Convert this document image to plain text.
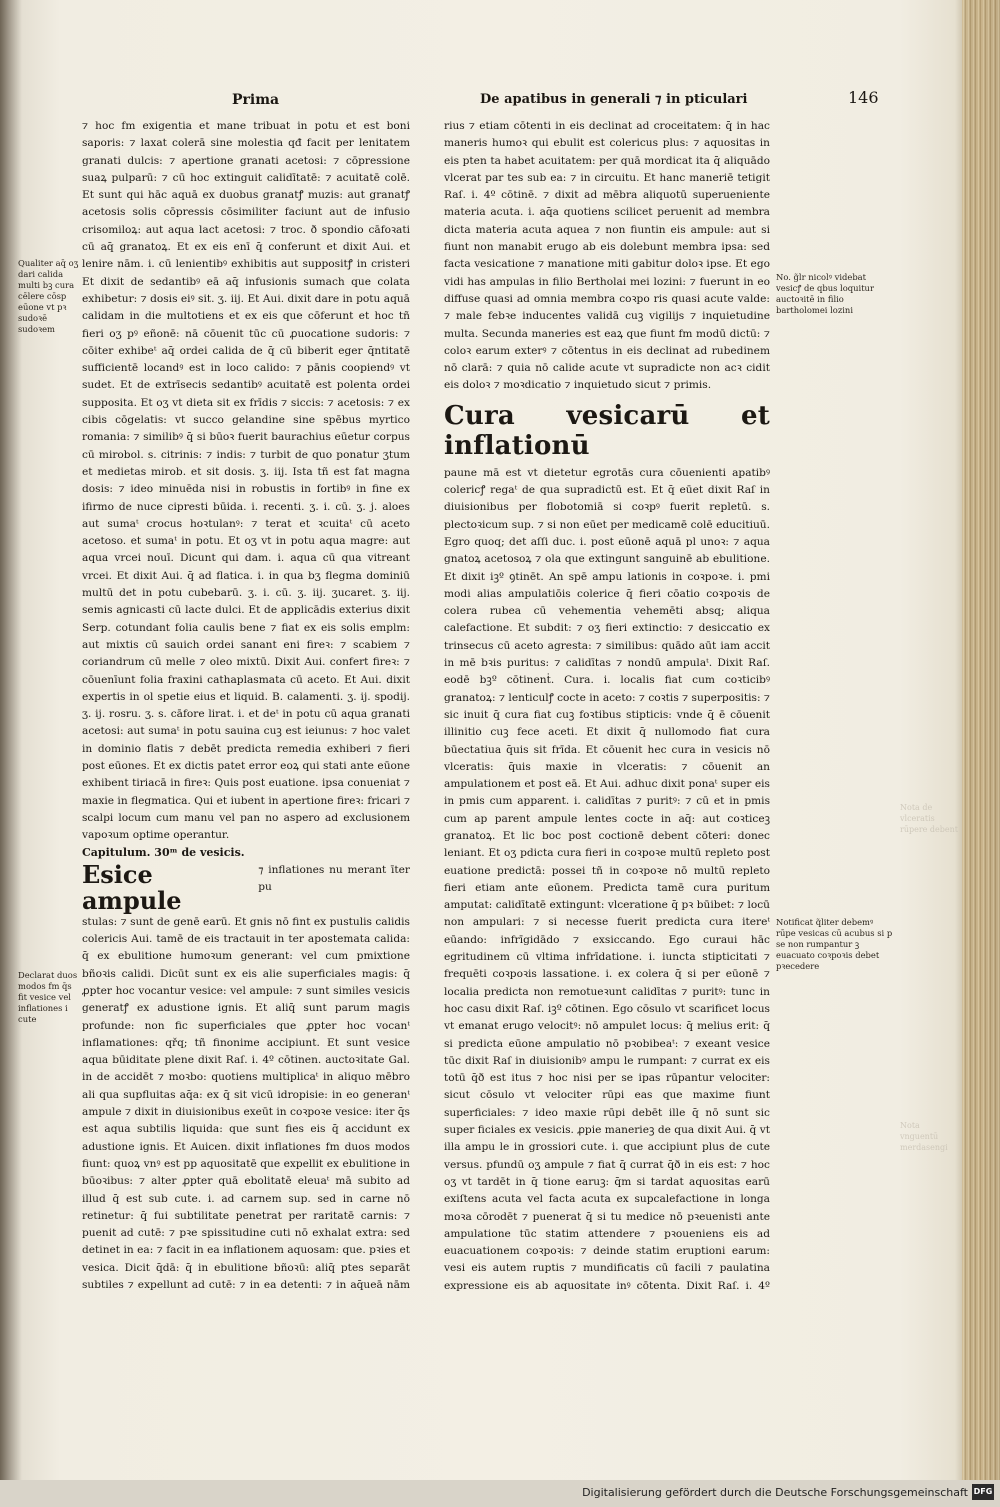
Prima	De apatibus in generali ⁊ in pticulari	146
Qualiter aq̄ oʒ dari calida multi bꝫ cura cēlere cōsp eūone vt pꝛ sudoꝛē sudoꝛem
Declarat duos modos fm q̄s fit vesice vel inflationes i cute
No. g̃lr nicolꝰ videbat vesicꝭ de qbus loquitur auctoꝛitē in filio bartholomei lozini
Notificat q̃liter debemꝰ rūpe vesicas cū acubus si p se non rumpantur ꝫ euacuato coꝛpoꝛis debet pꝛecedere
Nota de vlceratis rūpere debent
Nota vnguentū merdasengi

⁊ hoc fm exigentia et mane tribuat in potu et est boni saporis: ⁊ laxat colerā sine molestia qđ facit per lenitatem granati dulcis: ⁊ apertione granati acetosi: ⁊ cōpressione suaꝝ pulparū: ⁊ cū hoc extinguit calidītatē: ⁊ acuitatē colē. Et sunt qui hāc aquā ex duobus granatꝭ muzis: aut granatꝭ acetosis solis cōpressis cōsimiliter faciunt aut de infusio crisomiloꝝ: aut aqua lact acetosi: ⁊ troc. ð spondio cāfoꝛati cū aq̄ granatoꝝ. Et ex eis enī q̄ conferunt et dixit Aui. et lenire nām. i. cū lenientibꝰ exhibitis aut suppositꝭ in cristeri Et dixit de sedantibꝰ eā aq̄ infusionis sumach que colata exhibetur: ⁊ dosis eiꝰ sit. ʒ. iij. Et Aui. dixit dare in potu aquā calidam in die multotiens et ex eis que cōferunt et hoc tñ fieri oʒ pꝰ eñonē: nā cōuenit tūc cū ꝓuocatione sudoris: ⁊ cōiter exhibeᵗ aq̄ ordei calida de q̄ cū biberit eger q̄ntitatē sufficientē locandꝰ est in loco calido: ⁊ pānis coopiendꝰ vt sudet. Et de extrīsecis sedantibꝰ acuitatē est polenta ordei supposita. Et oʒ vt dieta sit ex frīdis ⁊ siccis: ⁊ acetosis: ⁊ ex cibis cōgelatis: vt succo gelandine sine spēbus myrtico romania: ⁊ similibꝰ q̄ si būoꝛ fuerit baurachius eūetur corpus cū mirobol. s. citrinis: ⁊ indis: ⁊ turbit de quo ponatur ʒtum et medietas mirob. et sit dosis. ʒ. iij. Ista tñ est fat magna dosis: ⁊ ideo minuēda nisi in robustis in fortibꝰ in fine ex ifirmo de nuce cipresti būida. i. recenti. ʒ. i. cū. ʒ. j. aloes aut sumaᵗ crocus hoꝛtulanꝰ: ⁊ terat et ꝛcuitaᵗ cū aceto acetoso. et sumaᵗ in potu. Et oʒ vt in potu aqua magre: aut aqua vrcei nouī. Dicunt qui dam. i. aqua cū qua vitreant vrcei. Et dixit Aui. q̄ ad flatica. i. in qua bʒ flegma dominiū multū det in potu cubebarū. ʒ. i. cū. ʒ. iij. ʒucaret. ʒ. iij. semis agnicasti cū lacte dulci. Et de applicādis exterius dixit Serp. cotundant folia caulis bene ⁊ fiat ex eis solis emplm: aut mixtis cū sauich ordei sanant eni fireꝛ: ⁊ scabiem ⁊ coriandrum cū melle ⁊ oleo mixtū. Dixit Aui. confert fireꝛ: ⁊ cōuenīunt folia fraxini cathaplasmata cū aceto. Et Aui. dixit expertis in ol spetie eius et liquid. B. calamenti. ʒ. ij. spodij. ʒ. ij. rosru. ʒ. s. cāfore lirat. i. et deᵗ in potu cū aqua granati acetosi: aut sumaᵗ in potu sauina cuꝫ est ieiunus: ⁊ hoc valet in dominio flatis ⁊ debēt predicta remedia exhiberi ⁊ fieri post eūones. Et ex dictis patet error eoꝝ qui stati ante eūone exhibent tiriacā in fireꝛ: Quis post euatione. ipsa conueniat ⁊ maxie in flegmatica. Qui et iubent in apertione fireꝛ: fricari ⁊ scalpi locum cum manu vel pan no aspero ad exclusionem vapoꝛum optime operantur.

Capitulum. 30ᵐ de vesicis.

Esice ampule
⁊ inflationes nu merant īter pu

stulas: ⁊ sunt de genē earū. Et gnis nō fint ex pustulis calidis colericis Aui. tamē de eis tractauit in ter apostemata calida: q̄ ex ebulitione humoꝛum generant: vel cum pmixtione bñoꝛis calidi. Dicūt sunt ex eis alie superficiales magis: q̄ ꝓpter hoc vocantur vesice: vel ampule: ⁊ sunt similes vesicis generatꝭ ex adustione ignis. Et aliq̄ sunt parum magis profunde: non fic superficiales que ꝓpter hoc vocanᵗ inflamationes: qřq; tñ finonime accipiunt. Et sunt vesice aqua būiditate plene dixit Raſ. i. 4º cōtinen. auctoꝛitate Gal. in de accidēt ⁊ moꝛbo: quotiens multiplicaᵗ in aliquo mēbro ali qua supfluitas aq̄a: ex q̄ sit vicū idropisie: in eo generanᵗ ampule ⁊ dixit in diuisionibus exeūt in coꝛpoꝛe vesice: iter q̄s est aqua subtilis liquida: que sunt fies eis q̄ accidunt ex adustione ignis. Et Auicen. dixit inflationes fm duos modos fiunt: quoꝝ vnꝰ est pp aquositatē que expellit ex ebulitione in būoꝛibus: ⁊ alter ꝓpter quā ebolitatē eleuaᵗ mā subito ad illud q̄ est sub cute. i. ad carnem sup. sed in carne nō retinetur: q̄ fui subtilitate penetrat per raritatē carnis: ⁊ puenit ad cutē: ⁊ pꝛe spissitudine cuti nō exhalat extra: sed detinet in ea: ⁊ facit in ea inflationem aquosam: que. pꝛies et vesica. Dicit q̄dā: q̄ in ebulitione bñoꝛū: aliq̄ ptes separāt subtiles ⁊ expellunt ad cutē: ⁊ in ea detenti: ⁊ in aq̄ueā nām

rius ⁊ etiam cōtenti in eis declinat ad croceitatem: q̄ in hac maneris humoꝛ qui ebulit est colericus plus: ⁊ aquositas in eis pten ta habet acuitatem: per quā mordicat ita q̄ aliquādo vlcerat par tes sub ea: ⁊ in circuitu. Et hanc maneriē tetigit Raſ. i. 4º cōtinē. ⁊ dixit ad mēbra aliquotū superueniente materia acuta. i. aq̄a quotiens scilicet peruenit ad membra dicta materia acuta aquea ⁊ non fiuntin eis ampule: aut si fiunt non manabit erugo ab eis dolebunt membra ipsa: sed facta vesicatione ⁊ manatione miti gabitur doloꝛ ipse. Et ego vidi has ampulas in filio Bertholai mei lozini: ⁊ fuerunt in eo diffuse quasi ad omnia membra coꝛpo ris quasi acute valde: ⁊ male febꝛe inducentes validā cuꝫ vigilijs ⁊ inquietudine multa. Secunda maneries est eaꝝ que fiunt fm modū dictū: ⁊ coloꝛ earum exterꝰ ⁊ cōtentus in eis declinat ad rubedinem nō clarā: ⁊ quia nō calide acute vt supradicte non acꝛ cidit eis doloꝛ ⁊ moꝛdicatio ⁊ inquietudo sicut ⁊ primis.

Cura vesicarū et inflationū

paune mā est vt dietetur egrotās cura cōuenienti apatibꝰ colericꝭ regaᵗ de qua supradictū est. Et q̄ eūet dixit Raſ in diuisionibus per flobotomiā si coꝛpꝰ fuerit repletū. s. plectoꝛicum sup. ⁊ si non eūet per medicamē colē educitiuū. Egro quoq; det aſſi duc. i. post eūonē aquā pl unoꝛ: ⁊ aqua gnatoꝝ acetosoꝝ ⁊ ola que extingunt sanguinē ab ebulitione. Et dixit iꝫº ꝯtinēt. An spē ampu lationis in coꝛpoꝛe. i. pmi modi alias ampulatiōis colerice q̄ fieri cōatio coꝛpoꝛis de colera rubea cū vehementia vehemēti absq; aliqua calefactione. Et subdit: ⁊ oʒ fieri extinctio: ⁊ desiccatio ex trinsecus cū aceto agresta: ⁊ similibus: quādo aūt iam accit in mē bꝛis puritus: ⁊ calidītas ⁊ nondū ampulaᵗ. Dixit Raſ. eodē bꝫº cōtinenṫ. Cura. i. localis fiat cum coꝛticibꝰ granatoꝝ: ⁊ lenticulꝭ cocte in aceto: ⁊ coꝛtis ⁊ superpositis: ⁊ sic inuit q̄ cura fiat cuꝫ foꝛtibus stipticis: vnde q̄ ē cōuenit illinitio cuꝫ fece aceti. Et dixit q̄ nullomodo fiat cura būectatiua q̄uis sit frīda. Et cōuenit hec cura in vesicis nō vlceratis: q̄uis maxie in vlceratis: ⁊ cōuenit an ampulationem et post eā. Et Aui. adhuc dixit ponaᵗ super eis in pmis cum apparent. i. calidītas ⁊ puritꝰ: ⁊ cū et in pmis cum ap parent ampule lentes cocte in aq̄: aut coꝛticeꝫ granatoꝝ. Et lic boc post coctionē debent cōteri: donec leniant. Et oʒ pdicta cura fieri in coꝛpoꝛe multū repleto post euatione predictā: possei tñ in coꝛpoꝛe nō multū repleto fieri etiam ante eūonem. Predicta tamē cura puritum amputat: calidītatē extingunt: vlceratione q̄ pꝛ būibet: ⁊ locū non ampulari: ⁊ si necesse fuerit predicta cura itereᵗ eūando: infrīgidādo ⁊ exsiccando. Ego curaui hāc egritudinem cū vltima infrīdatione. i. iuncta stipticitati ⁊ frequēti coꝛpoꝛis lassatione. i. ex colera q̄ si per eūonē ⁊ localia predicta non remotueꝛunt calidītas ⁊ puritꝰ: tunc in hoc casu dixit Raſ. iꝫº cōtinen. Ego cōsulo vt scarificet locus vt emanat erugo velocitꝰ: nō ampulet locus: q̄ melius erit: q̄ si predicta eūone ampulatio nō pꝛobibeaᵗ: ⁊ exeant vesice tūc dixit Raſ in diuisionibꝰ ampu le rumpant: ⁊ currat ex eis totū q̄ð est itus ⁊ hoc nisi per se ipas rūpantur velociter: sicut cōsulo vt velociter rūpi eas que maxime fiunt superficiales: ⁊ ideo maxie rūpi debēt ille q̄ nō sunt sic super ficiales ex vesicis. ꝓpie manerieꝫ de qua dixit Aui. q̄ vt illa ampu le in grossiori cute. i. que accipiunt plus de cute versus. pfundū oʒ ampule ⁊ fiat q̄ currat q̄ð in eis est: ⁊ hoc oʒ vt tardēt in q̄ tione earuꝫ: q̄m si tardat aquositas earū exiſtens acuta vel facta acuta ex supcalefactione in longa moꝛa cōrodēt ⁊ puenerat q̄ si tu medice nō pꝛeuenisti ante ampulatione tūc statim attendere ⁊ pꝛoueniens eis ad euacuationem coꝛpoꝛis: ⁊ deinde statim eruptioni earum: vesi eis autem ruptis ⁊ mundificatis cū facili ⁊ paulatina expressione eis ab aquositate inꝰ cōtenta. Dixit Raſ. i. 4º

Digitalisierung gefördert durch die Deutsche Forschungsgemeinschaft DFG
